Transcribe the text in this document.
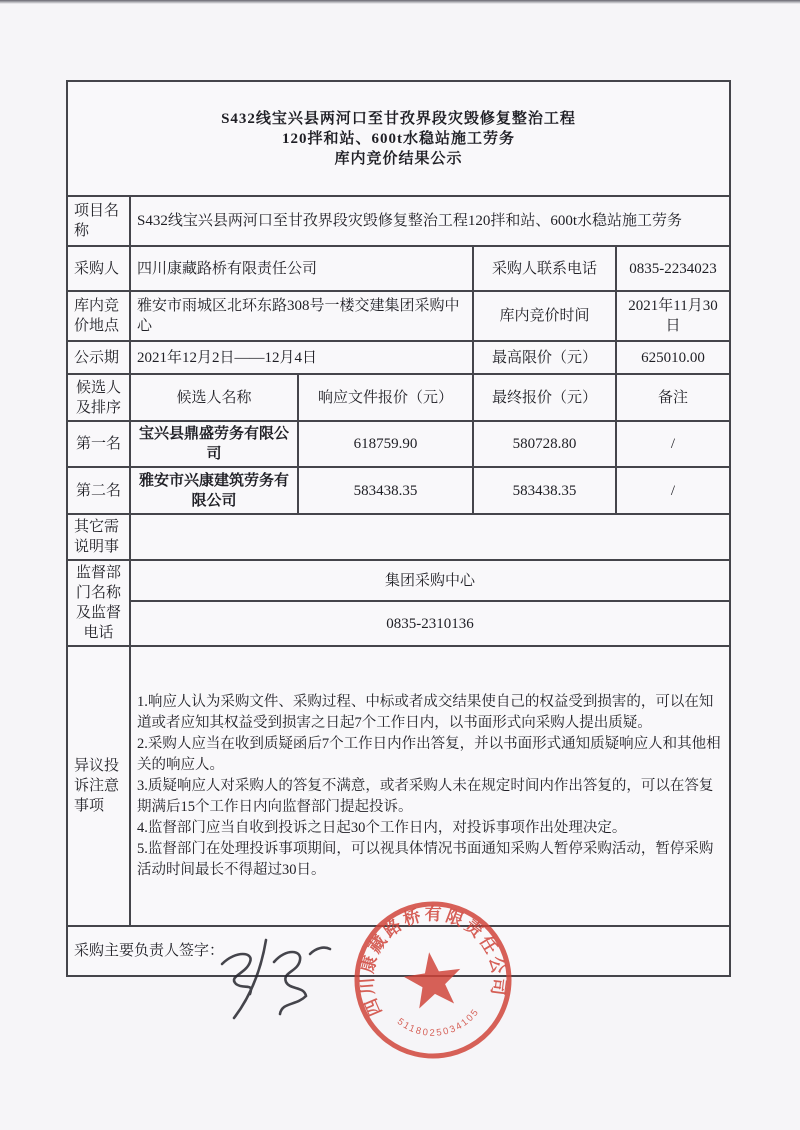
S432线宝兴县两河口至甘孜界段灾毁修复整治工程
120拌和站、600t水稳站施工劳务
库内竞价结果公示				

项目名称	S432线宝兴县两河口至甘孜界段灾毁修复整治工程120拌和站、600t水稳站施工劳务			
采购人	四川康藏路桥有限责任公司		采购人联系电话	0835-2234023
库内竞价地点	雅安市雨城区北环东路308号一楼交建集团采购中心		库内竞价时间	2021年11月30日
公示期	2021年12月2日——12月4日		最高限价（元）	625010.00
候选人及排序	候选人名称	响应文件报价（元）	最终报价（元）	备注
第一名	宝兴县鼎盛劳务有限公司	618759.90	580728.80	/
第二名	雅安市兴康建筑劳务有限公司	583438.35	583438.35	/
其它需说明事				
监督部门名称及监督电话	集团采购中心			
	0835-2310136			
异议投诉注意事项	1.响应人认为采购文件、采购过程、中标或者成交结果使自己的权益受到损害的，可以在知道或者应知其权益受到损害之日起7个工作日内，以书面形式向采购人提出质疑。
2.采购人应当在收到质疑函后7个工作日内作出答复，并以书面形式通知质疑响应人和其他相关的响应人。
3.质疑响应人对采购人的答复不满意，或者采购人未在规定时间内作出答复的，可以在答复期满后15个工作日内向监督部门提起投诉。
4.监督部门应当自收到投诉之日起30个工作日内，对投诉事项作出处理决定。
5.监督部门在处理投诉事项期间，可以视具体情况书面通知采购人暂停采购活动，暂停采购活动时间最长不得超过30日。			

采购主要负责人签字：				
四川康藏路桥有限责任公司
5118025034105
